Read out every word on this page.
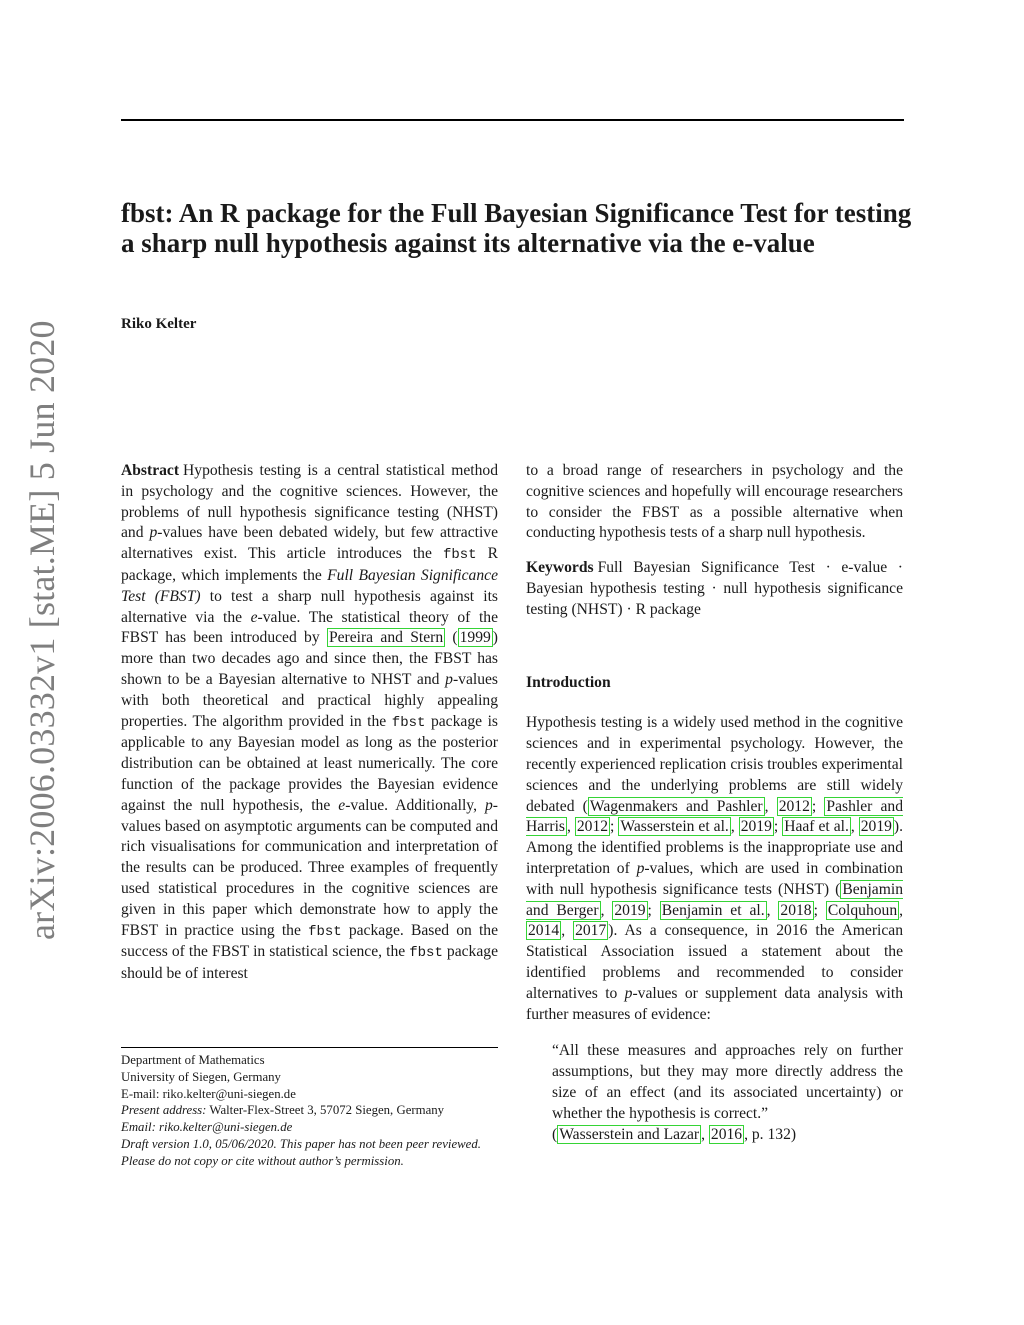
arXiv:2006.03332v1 [stat.ME] 5 Jun 2020
fbst: An R package for the Full Bayesian Significance Test for testing a sharp null hypothesis against its alternative via the e-value
Riko Kelter

Abstract Hypothesis testing is a central statistical method in psychology and the cognitive sciences. However, the problems of null hypothesis significance testing (NHST) and p-values have been debated widely, but few attractive alternatives exist. This article introduces the fbst R package, which implements the Full Bayesian Significance Test (FBST) to test a sharp null hypothesis against its alternative via the e-value. The statistical theory of the FBST has been introduced by Pereira and Stern ( 1999 ) more than two decades ago and since then, the FBST has shown to be a Bayesian alternative to NHST and p-values with both theoretical and practical highly appealing properties. The algorithm provided in the fbst package is applicable to any Bayesian model as long as the posterior distribution can be obtained at least numerically. The core function of the package provides the Bayesian evidence against the null hypothesis, the e-value. Additionally, p-values based on asymptotic arguments can be computed and rich visualisations for communication and interpretation of the results can be produced. Three examples of frequently used statistical procedures in the cognitive sciences are given in this paper which demonstrate how to apply the FBST in practice using the fbst package. Based on the success of the FBST in statistical science, the fbst package should be of interest

Department of Mathematics
University of Siegen, Germany
E-mail: riko.kelter@uni-siegen.de
Present address: Walter-Flex-Street 3, 57072 Siegen, Germany
Email: riko.kelter@uni-siegen.de
Draft version 1.0, 05/06/2020. This paper has not been peer reviewed. Please do not copy or cite without author’s permission.

to a broad range of researchers in psychology and the cognitive sciences and hopefully will encourage researchers to consider the FBST as a possible alternative when conducting hypothesis tests of a sharp null hypothesis.

Keywords Full Bayesian Significance Test · e-value · Bayesian hypothesis testing · null hypothesis significance testing (NHST) · R package

Introduction

Hypothesis testing is a widely used method in the cognitive sciences and in experimental psychology. However, the recently experienced replication crisis troubles experimental sciences and the underlying problems are still widely debated ( Wagenmakers and Pashler , 2012 ; Pashler and Harris , 2012 ; Wasserstein et al. , 2019 ; Haaf et al. , 2019 ). Among the identified problems is the inappropriate use and interpretation of p-values, which are used in combination with null hypothesis significance tests (NHST) ( Benjamin and Berger , 2019 ; Benjamin et al. , 2018 ; Colquhoun , 2014 , 2017 ). As a consequence, in 2016 the American Statistical Association issued a statement about the identified problems and recommended to consider alternatives to p-values or supplement data analysis with further measures of evidence:

“All these measures and approaches rely on further assumptions, but they may more directly address the size of an effect (and its associated uncertainty) or whether the hypothesis is correct.”
( Wasserstein and Lazar , 2016 , p. 132)
